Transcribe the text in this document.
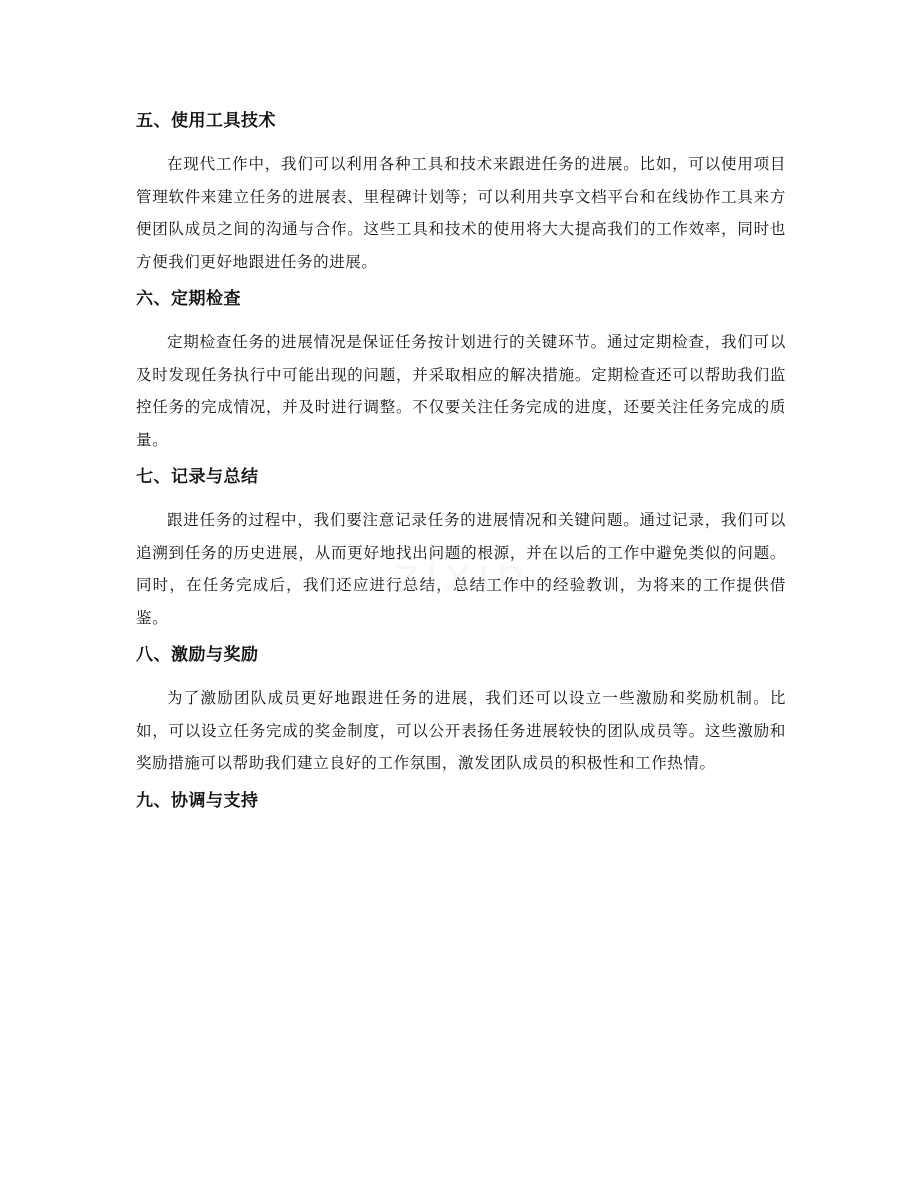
五、使用工具技术

在现代工作中，我们可以利用各种工具和技术来跟进任务的进展。比如，可以使用项目管理软件来建立任务的进展表、里程碑计划等；可以利用共享文档平台和在线协作工具来方便团队成员之间的沟通与合作。这些工具和技术的使用将大大提高我们的工作效率，同时也方便我们更好地跟进任务的进展。

六、定期检查

定期检查任务的进展情况是保证任务按计划进行的关键环节。通过定期检查，我们可以及时发现任务执行中可能出现的问题，并采取相应的解决措施。定期检查还可以帮助我们监控任务的完成情况，并及时进行调整。不仅要关注任务完成的进度，还要关注任务完成的质量。

七、记录与总结

跟进任务的过程中，我们要注意记录任务的进展情况和关键问题。通过记录，我们可以追溯到任务的历史进展，从而更好地找出问题的根源，并在以后的工作中避免类似的问题。同时，在任务完成后，我们还应进行总结，总结工作中的经验教训，为将来的工作提供借鉴。

八、激励与奖励

为了激励团队成员更好地跟进任务的进展，我们还可以设立一些激励和奖励机制。比如，可以设立任务完成的奖金制度，可以公开表扬任务进展较快的团队成员等。这些激励和奖励措施可以帮助我们建立良好的工作氛围，激发团队成员的积极性和工作热情。

九、协调与支持
